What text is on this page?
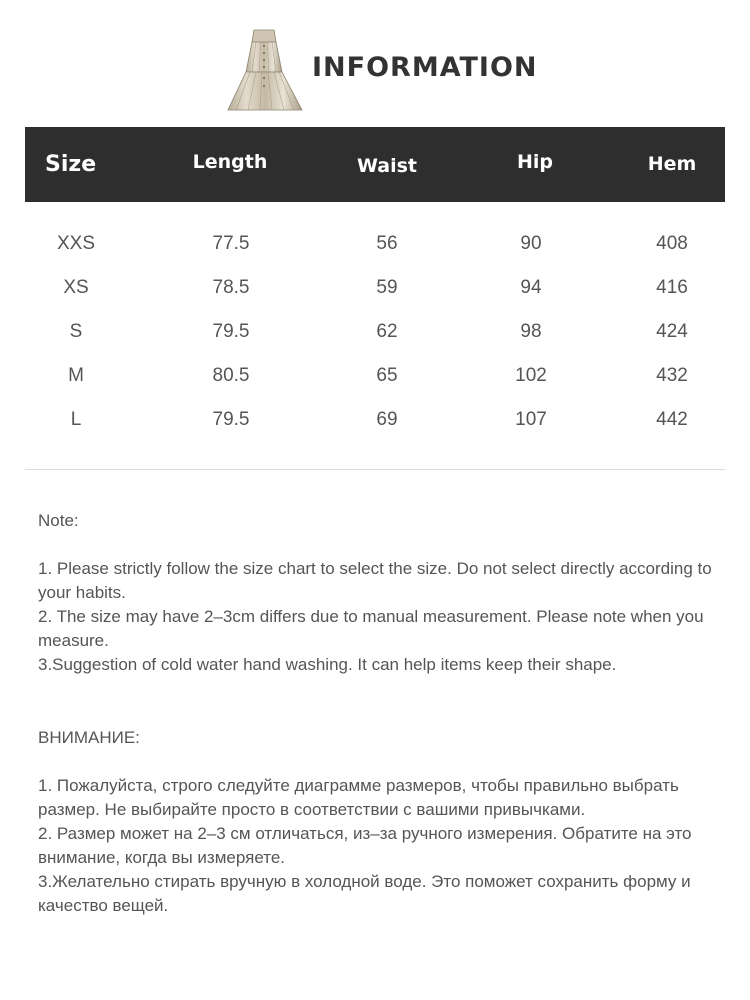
INFORMATION
Size	Length	Waist	Hip	Hem
XXS	77.5	56	90	408
XS	78.5	59	94	416
S	79.5	62	98	424
M	80.5	65	102	432
L	79.5	69	107	442

Note:

1. Please strictly follow the size chart to select the size. Do not select directly according to your habits.

2. The size may have 2–3cm differs due to manual measurement. Please note when you measure.

3.Suggestion of cold water hand washing. It can help items keep their shape.

ВНИМАНИЕ:

1. Пожалуйста, строго следуйте диаграмме размеров, чтобы правильно выбрать размер. Не выбирайте просто в соответствии с вашими привычками.

2. Размер может на 2–3 см отличаться, из–за ручного измерения. Обратите на это внимание, когда вы измеряете.

3.Желательно стирать вручную в холодной воде. Это поможет сохранить форму и качество вещей.
